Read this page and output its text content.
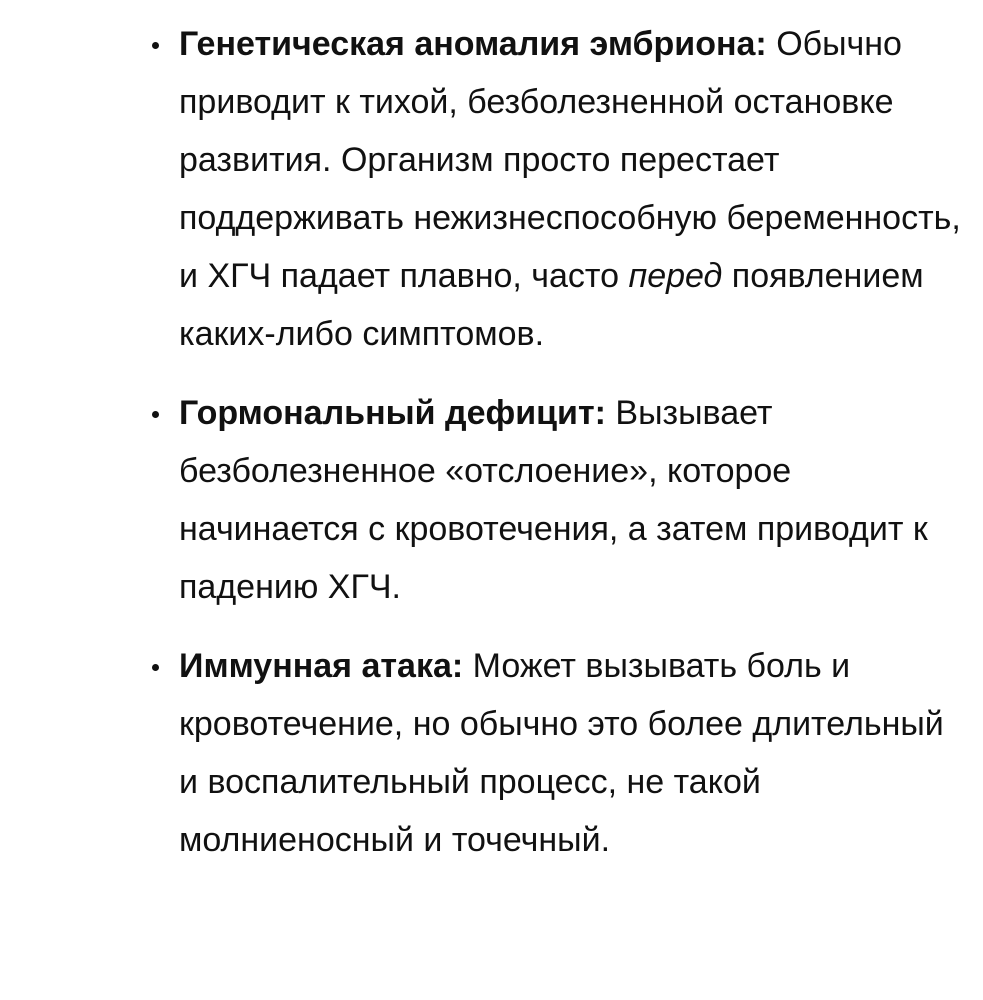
Генетическая аномалия эмбриона: Обычно приводит к тихой, безболезненной остановке развития. Организм просто перестает поддерживать нежизнеспособную беременность, и ХГЧ падает плавно, часто перед появлением каких-либо симптомов.
Гормональный дефицит: Вызывает безболезненное «отслоение», которое начинается с кровотечения, а затем приводит к падению ХГЧ.
Иммунная атака: Может вызывать боль и кровотечение, но обычно это более длительный и воспалительный процесс, не такой молниеносный и точечный.
